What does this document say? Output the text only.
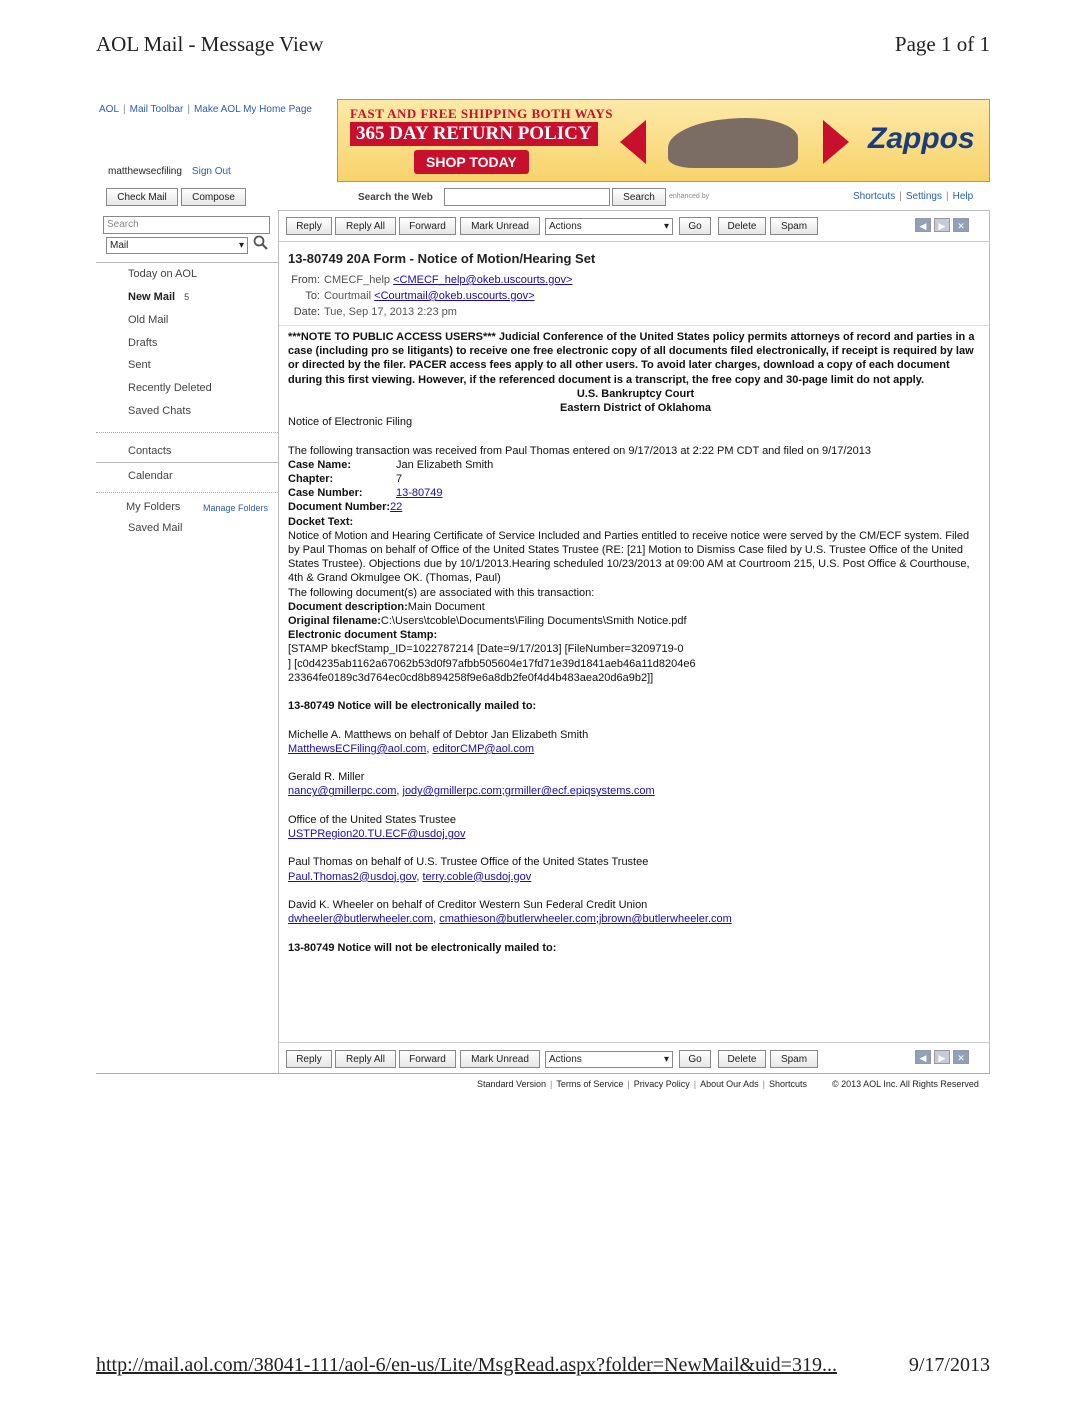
AOL Mail - Message View	Page 1 of 1
AOL | Mail Toolbar | Make AOL My Home Page
matthewsecfiling Sign Out
FAST AND FREE SHIPPING BOTH WAYS
365 DAY RETURN POLICY
SHOP TODAY
Zappos
Check Mail	Compose	Search the Web	Search	enhanced by	Shortcuts | Settings | Help
Search
Mail	▾
Today on AOL
New Mail 5
Old Mail
Drafts
Sent
Recently Deleted
Saved Chats
Contacts
Calendar
My Folders	Manage Folders
Saved Mail
Reply	Reply All	Forward	Mark Unread	Actions	▾	Go	Delete	Spam	◀	▶	✕
13-80749 20A Form - Notice of Motion/Hearing Set
From: CMECF_help <CMECF_help@okeb.uscourts.gov>
To: Courtmail <Courtmail@okeb.uscourts.gov>
Date: Tue, Sep 17, 2013 2:23 pm

***NOTE TO PUBLIC ACCESS USERS*** Judicial Conference of the United States policy permits attorneys of record and parties in a case (including pro se litigants) to receive one free electronic copy of all documents filed electronically, if receipt is required by law or directed by the filer. PACER access fees apply to all other users. To avoid later charges, download a copy of each document during this first viewing. However, if the referenced document is a transcript, the free copy and 30-page limit do not apply.

U.S. Bankruptcy Court

Eastern District of Oklahoma

Notice of Electronic Filing

The following transaction was received from Paul Thomas entered on 9/17/2013 at 2:22 PM CDT and filed on 9/17/2013

Case Name:	Jan Elizabeth Smith
Chapter:	7
Case Number:	13-80749

Document Number:22

Docket Text:

Notice of Motion and Hearing Certificate of Service Included and Parties entitled to receive notice were served by the CM/ECF system. Filed by Paul Thomas on behalf of Office of the United States Trustee (RE: [21] Motion to Dismiss Case filed by U.S. Trustee Office of the United States Trustee). Objections due by 10/1/2013.Hearing scheduled 10/23/2013 at 09:00 AM at Courtroom 215, U.S. Post Office & Courthouse, 4th & Grand Okmulgee OK. (Thomas, Paul)

The following document(s) are associated with this transaction:

Document description:Main Document

Original filename:C:\Users\tcoble\Documents\Filing Documents\Smith Notice.pdf

Electronic document Stamp:

[STAMP bkecfStamp_ID=1022787214 [Date=9/17/2013] [FileNumber=3209719-0

] [c0d4235ab1162a67062b53d0f97afbb505604e17fd71e39d1841aeb46a11d8204e6

23364fe0189c3d764ec0cd8b894258f9e6a8db2fe0f4d4b483aea20d6a9b2]]

13-80749 Notice will be electronically mailed to:

Michelle A. Matthews on behalf of Debtor Jan Elizabeth Smith

MatthewsECFiling@aol.com, editorCMP@aol.com

Gerald R. Miller

nancy@gmillerpc.com, jody@gmillerpc.com;grmiller@ecf.epiqsystems.com

Office of the United States Trustee

USTPRegion20.TU.ECF@usdoj.gov

Paul Thomas on behalf of U.S. Trustee Office of the United States Trustee

Paul.Thomas2@usdoj.gov, terry.coble@usdoj.gov

David K. Wheeler on behalf of Creditor Western Sun Federal Credit Union

dwheeler@butlerwheeler.com, cmathieson@butlerwheeler.com;jbrown@butlerwheeler.com

13-80749 Notice will not be electronically mailed to:

Reply	Reply All	Forward	Mark Unread	Actions	▾	Go	Delete	Spam	◀	▶	✕
Standard Version | Terms of Service | Privacy Policy | About Our Ads | Shortcuts	© 2013 AOL Inc. All Rights Reserved
http://mail.aol.com/38041-111/aol-6/en-us/Lite/MsgRead.aspx?folder=NewMail&uid=319...	9/17/2013
